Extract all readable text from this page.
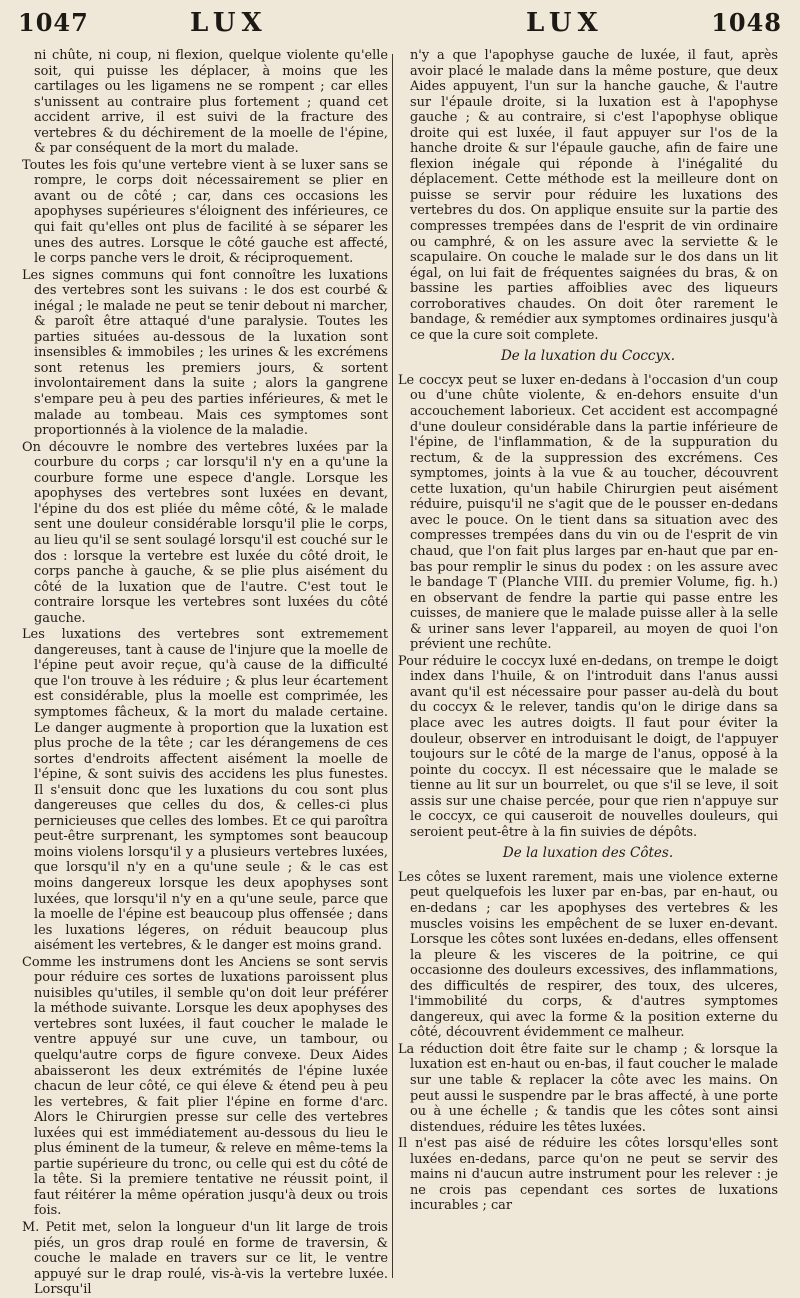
1047	LUX	LUX	1048

ni chûte, ni coup, ni flexion, quelque violente qu'elle soit, qui puisse les déplacer, à moins que les cartilages ou les ligamens ne se rompent ; car elles s'unissent au contraire plus fortement ; quand cet accident arrive, il est suivi de la fracture des vertebres & du déchirement de la moelle de l'épine, & par conséquent de la mort du malade.

Toutes les fois qu'une vertebre vient à se luxer sans se rompre, le corps doit nécessairement se plier en avant ou de côté ; car, dans ces occasions les apophyses supérieures s'éloignent des inférieures, ce qui fait qu'elles ont plus de facilité à se séparer les unes des autres. Lorsque le côté gauche est affecté, le corps panche vers le droit, & réciproquement.

Les signes communs qui font connoître les luxations des vertebres sont les suivans : le dos est courbé & inégal ; le malade ne peut se tenir debout ni marcher, & paroît être attaqué d'une paralysie. Toutes les parties situées au-dessous de la luxation sont insensibles & immobiles ; les urines & les excrémens sont retenus les premiers jours, & sortent involontairement dans la suite ; alors la gangrene s'empare peu à peu des parties inférieures, & met le malade au tombeau. Mais ces symptomes sont proportionnés à la violence de la maladie.

On découvre le nombre des vertebres luxées par la courbure du corps ; car lorsqu'il n'y en a qu'une la courbure forme une espece d'angle. Lorsque les apophyses des vertebres sont luxées en devant, l'épine du dos est pliée du même côté, & le malade sent une douleur considérable lorsqu'il plie le corps, au lieu qu'il se sent soulagé lorsqu'il est couché sur le dos : lorsque la vertebre est luxée du côté droit, le corps panche à gauche, & se plie plus aisément du côté de la luxation que de l'autre. C'est tout le contraire lorsque les vertebres sont luxées du côté gauche.

Les luxations des vertebres sont extremement dangereuses, tant à cause de l'injure que la moelle de l'épine peut avoir reçue, qu'à cause de la difficulté que l'on trouve à les réduire ; & plus leur écartement est considérable, plus la moelle est comprimée, les symptomes fâcheux, & la mort du malade certaine. Le danger augmente à proportion que la luxation est plus proche de la tête ; car les dérangemens de ces sortes d'endroits affectent aisément la moelle de l'épine, & sont suivis des accidens les plus funestes. Il s'ensuit donc que les luxations du cou sont plus dangereuses que celles du dos, & celles-ci plus pernicieuses que celles des lombes. Et ce qui paroîtra peut-être surprenant, les symptomes sont beaucoup moins violens lorsqu'il y a plusieurs vertebres luxées, que lorsqu'il n'y en a qu'une seule ; & le cas est moins dangereux lorsque les deux apophyses sont luxées, que lorsqu'il n'y en a qu'une seule, parce que la moelle de l'épine est beaucoup plus offensée ; dans les luxations légeres, on réduit beaucoup plus aisément les vertebres, & le danger est moins grand.

Comme les instrumens dont les Anciens se sont servis pour réduire ces sortes de luxations paroissent plus nuisibles qu'utiles, il semble qu'on doit leur préférer la méthode suivante. Lorsque les deux apophyses des vertebres sont luxées, il faut coucher le malade le ventre appuyé sur une cuve, un tambour, ou quelqu'autre corps de figure convexe. Deux Aides abaisseront les deux extrémités de l'épine luxée chacun de leur côté, ce qui éleve & étend peu à peu les vertebres, & fait plier l'épine en forme d'arc. Alors le Chirurgien presse sur celle des vertebres luxées qui est immédiatement au-dessous du lieu le plus éminent de la tumeur, & releve en même-tems la partie supérieure du tronc, ou celle qui est du côté de la tête. Si la premiere tentative ne réussit point, il faut réitérer la même opération jusqu'à deux ou trois fois.

M. Petit met, selon la longueur d'un lit large de trois piés, un gros drap roulé en forme de traversin, & couche le malade en travers sur ce lit, le ventre appuyé sur le drap roulé, vis-à-vis la vertebre luxée. Lorsqu'il

n'y a que l'apophyse gauche de luxée, il faut, après avoir placé le malade dans la même posture, que deux Aides appuyent, l'un sur la hanche gauche, & l'autre sur l'épaule droite, si la luxation est à l'apophyse gauche ; & au contraire, si c'est l'apophyse oblique droite qui est luxée, il faut appuyer sur l'os de la hanche droite & sur l'épaule gauche, afin de faire une flexion inégale qui réponde à l'inégalité du déplacement. Cette méthode est la meilleure dont on puisse se servir pour réduire les luxations des vertebres du dos. On applique ensuite sur la partie des compresses trempées dans de l'esprit de vin ordinaire ou camphré, & on les assure avec la serviette & le scapulaire. On couche le malade sur le dos dans un lit égal, on lui fait de fréquentes saignées du bras, & on bassine les parties affoiblies avec des liqueurs corroboratives chaudes. On doit ôter rarement le bandage, & remédier aux symptomes ordinaires jusqu'à ce que la cure soit complete.

De la luxation du Coccyx.

Le coccyx peut se luxer en-dedans à l'occasion d'un coup ou d'une chûte violente, & en-dehors ensuite d'un accouchement laborieux. Cet accident est accompagné d'une douleur considérable dans la partie inférieure de l'épine, de l'inflammation, & de la suppuration du rectum, & de la suppression des excrémens. Ces symptomes, joints à la vue & au toucher, découvrent cette luxation, qu'un habile Chirurgien peut aisément réduire, puisqu'il ne s'agit que de le pousser en-dedans avec le pouce. On le tient dans sa situation avec des compresses trempées dans du vin ou de l'esprit de vin chaud, que l'on fait plus larges par en-haut que par en-bas pour remplir le sinus du podex : on les assure avec le bandage T (Planche VIII. du premier Volume, fig. h.) en observant de fendre la partie qui passe entre les cuisses, de maniere que le malade puisse aller à la selle & uriner sans lever l'appareil, au moyen de quoi l'on prévient une rechûte.

Pour réduire le coccyx luxé en-dedans, on trempe le doigt index dans l'huile, & on l'introduit dans l'anus aussi avant qu'il est nécessaire pour passer au-delà du bout du coccyx & le relever, tandis qu'on le dirige dans sa place avec les autres doigts. Il faut pour éviter la douleur, observer en introduisant le doigt, de l'appuyer toujours sur le côté de la marge de l'anus, opposé à la pointe du coccyx. Il est nécessaire que le malade se tienne au lit sur un bourrelet, ou que s'il se leve, il soit assis sur une chaise percée, pour que rien n'appuye sur le coccyx, ce qui causeroit de nouvelles douleurs, qui seroient peut-être à la fin suivies de dépôts.

De la luxation des Côtes.

Les côtes se luxent rarement, mais une violence externe peut quelquefois les luxer par en-bas, par en-haut, ou en-dedans ; car les apophyses des vertebres & les muscles voisins les empêchent de se luxer en-devant. Lorsque les côtes sont luxées en-dedans, elles offensent la pleure & les visceres de la poitrine, ce qui occasionne des douleurs excessives, des inflammations, des difficultés de respirer, des toux, des ulceres, l'immobilité du corps, & d'autres symptomes dangereux, qui avec la forme & la position externe du côté, découvrent évidemment ce malheur.

La réduction doit être faite sur le champ ; & lorsque la luxation est en-haut ou en-bas, il faut coucher le malade sur une table & replacer la côte avec les mains. On peut aussi le suspendre par le bras affecté, à une porte ou à une échelle ; & tandis que les côtes sont ainsi distendues, réduire les têtes luxées.

Il n'est pas aisé de réduire les côtes lorsqu'elles sont luxées en-dedans, parce qu'on ne peut se servir des mains ni d'aucun autre instrument pour les relever : je ne crois pas cependant ces sortes de luxations incurables ; car
